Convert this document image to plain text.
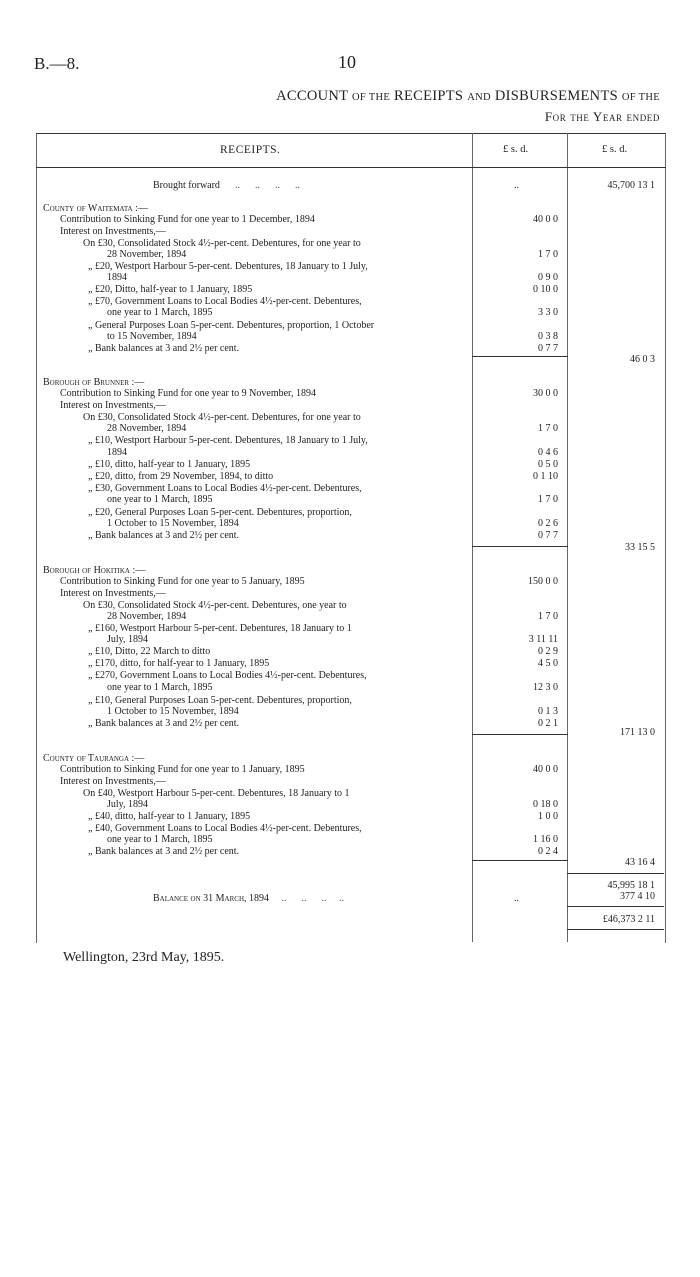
B.—8.	10
ACCOUNT OF THE RECEIPTS AND DISBURSEMENTS OF THE
For the Year ended
RECEIPTS.	£ s. d.	£ s. d.
Brought forward      ..      ..      ..      ..	..	45,700 13 1
County of Waitemata :—
Contribution to Sinking Fund for one year to 1 December, 1894	40 0 0
Interest on Investments,—
On £30, Consolidated Stock 4½-per-cent. Debentures, for one year to
28 November, 1894	1 7 0
„ £20, Westport Harbour 5-per-cent. Debentures, 18 January to 1 July,
1894	0 9 0
„ £20, Ditto, half-year to 1 January, 1895	0 10 0
„ £70, Government Loans to Local Bodies 4½-per-cent. Debentures,
one year to 1 March, 1895	3 3 0
„ General Purposes Loan 5-per-cent. Debentures, proportion, 1 October
to 15 November, 1894	0 3 8
„ Bank balances at 3 and 2½ per cent.	0 7 7
46 0 3
Borough of Brunner :—
Contribution to Sinking Fund for one year to 9 November, 1894	30 0 0
Interest on Investments,—
On £30, Consolidated Stock 4½-per-cent. Debentures, for one year to
28 November, 1894	1 7 0
„ £10, Westport Harbour 5-per-cent. Debentures, 18 January to 1 July,
1894	0 4 6
„ £10, ditto, half-year to 1 January, 1895	0 5 0
„ £20, ditto, from 29 November, 1894, to ditto	0 1 10
„ £30, Government Loans to Local Bodies 4½-per-cent. Debentures,
one year to 1 March, 1895	1 7 0
„ £20, General Purposes Loan 5-per-cent. Debentures, proportion,
1 October to 15 November, 1894	0 2 6
„ Bank balances at 3 and 2½ per cent.	0 7 7
33 15 5
Borough of Hokitika :—
Contribution to Sinking Fund for one year to 5 January, 1895	150 0 0
Interest on Investments,—
On £30, Consolidated Stock 4½-per-cent. Debentures, one year to
28 November, 1894	1 7 0
„ £160, Westport Harbour 5-per-cent. Debentures, 18 January to 1
July, 1894	3 11 11
„ £10, Ditto, 22 March to ditto	0 2 9
„ £170, ditto, for half-year to 1 January, 1895	4 5 0
„ £270, Government Loans to Local Bodies 4½-per-cent. Debentures,
one year to 1 March, 1895	12 3 0
„ £10, General Purposes Loan 5-per-cent. Debentures, proportion,
1 October to 15 November, 1894	0 1 3
„ Bank balances at 3 and 2½ per cent.	0 2 1
171 13 0
County of Tauranga :—
Contribution to Sinking Fund for one year to 1 January, 1895	40 0 0
Interest on Investments,—
On £40, Westport Harbour 5-per-cent. Debentures, 18 January to 1
July, 1894	0 18 0
„ £40, ditto, half-year to 1 January, 1895	1 0 0
„ £40, Government Loans to Local Bodies 4½-per-cent. Debentures,
one year to 1 March, 1895	1 16 0
„ Bank balances at 3 and 2½ per cent.	0 2 4
43 16 4
45,995 18 1
Balance on 31 March, 1894     ..      ..      ..     ..	..	377 4 10
£46,373 2 11
Wellington, 23rd May, 1895.
